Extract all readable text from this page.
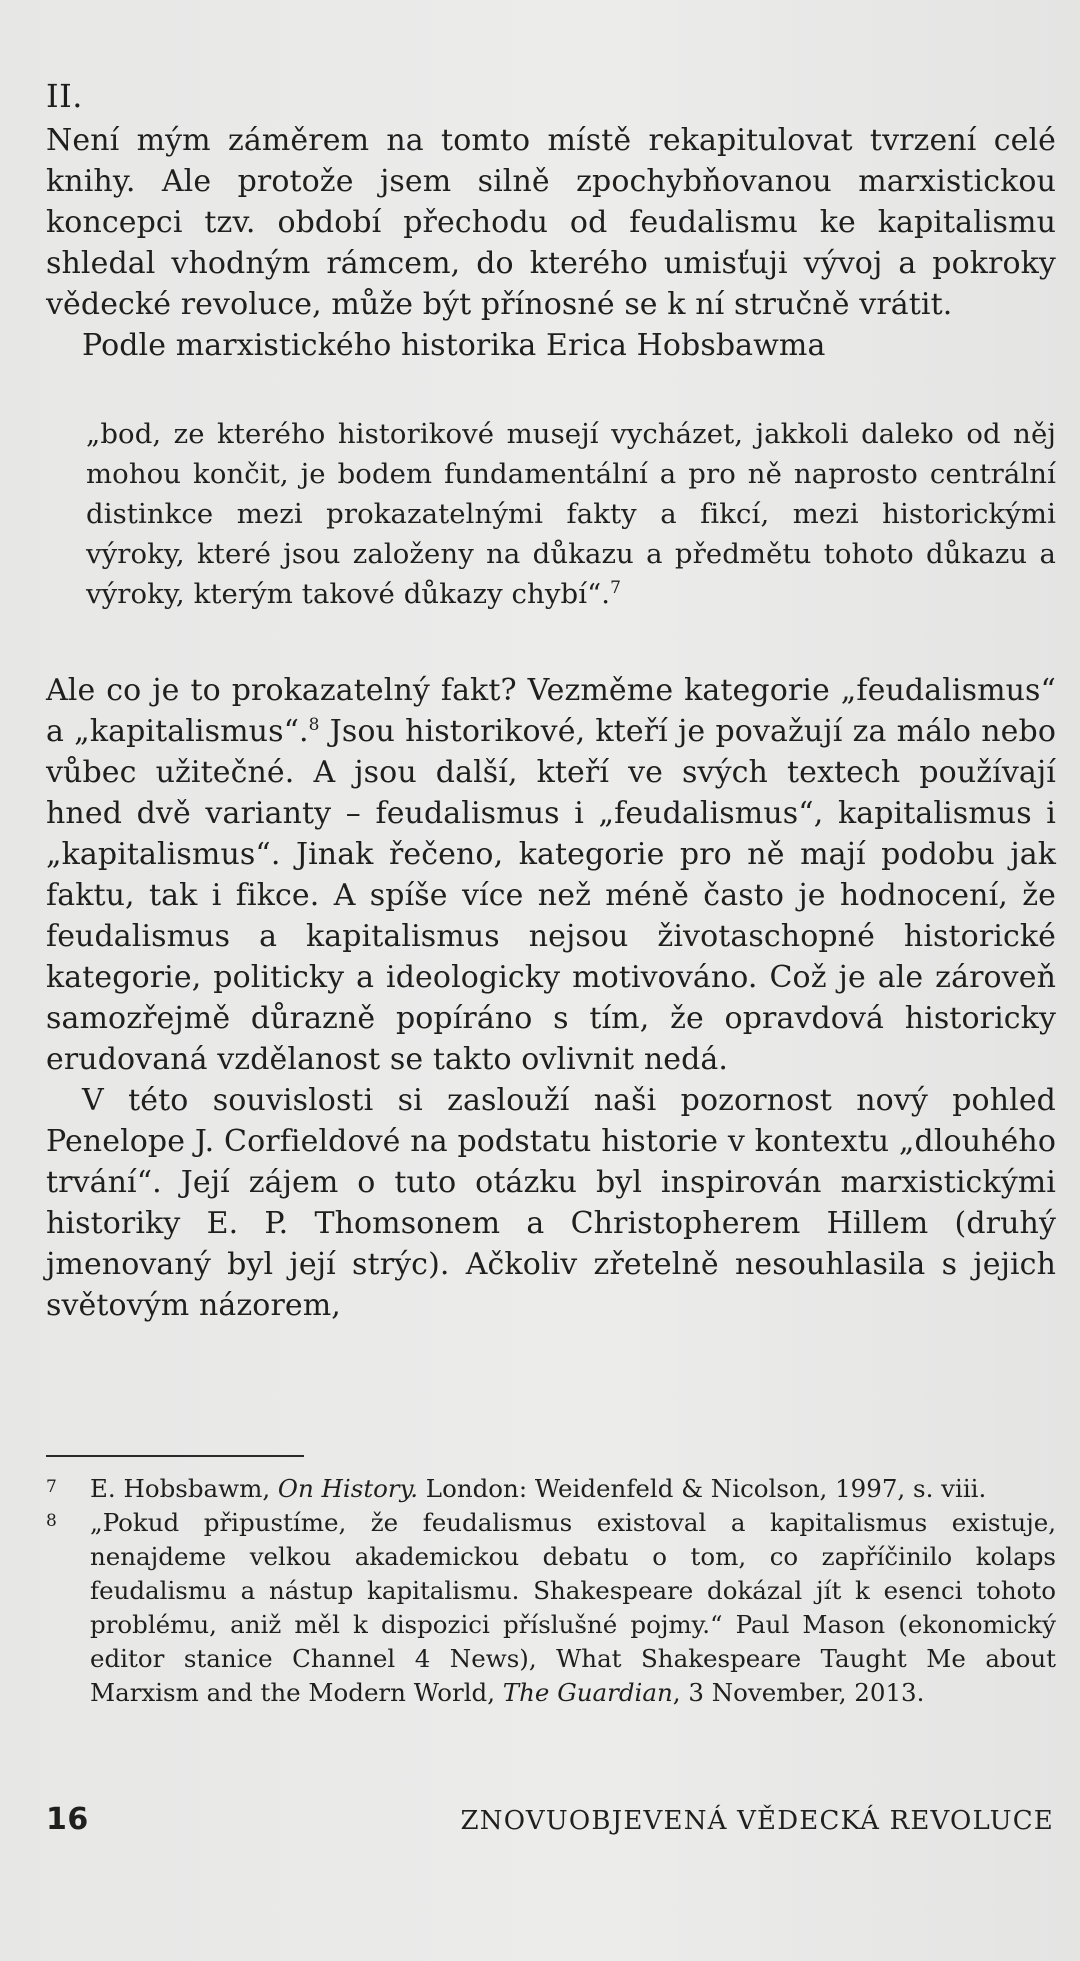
II.

Není mým záměrem na tomto místě rekapitulovat tvrzení celé knihy. Ale protože jsem silně zpochybňovanou marxistickou koncepci tzv. období přechodu od feudalismu ke kapitalismu shledal vhodným rámcem, do kterého umisťuji vývoj a pokroky vědecké revoluce, může být přínosné se k ní stručně vrátit.

Podle marxistického historika Erica Hobsbawma

„bod, ze kterého historikové musejí vycházet, jakkoli daleko od něj mohou končit, je bodem fundamentální a pro ně naprosto centrální distinkce mezi prokazatelnými fakty a fikcí, mezi historickými výroky, které jsou založeny na důkazu a předmětu tohoto důkazu a výroky, kterým takové důkazy chybí“.$^7$

Ale co je to prokazatelný fakt? Vezměme kategorie „feudalismus“ a „kapitalismus“.$^8$ Jsou historikové, kteří je považují za málo nebo vůbec užitečné. A jsou další, kteří ve svých textech používají hned dvě varianty – feudalismus i „feudalismus“, kapitalismus i „kapitalismus“. Jinak řečeno, kategorie pro ně mají podobu jak faktu, tak i fikce. A spíše více než méně často je hodnocení, že feudalismus a kapitalismus nejsou životaschopné historické kategorie, politicky a ideologicky motivováno. Což je ale zároveň samozřejmě důrazně popíráno s tím, že opravdová historicky erudovaná vzdělanost se takto ovlivnit nedá.

V této souvislosti si zaslouží naši pozornost nový pohled Penelope J. Corfieldové na podstatu historie v kontextu „dlouhého trvání“. Její zájem o tuto otázku byl inspirován marxistickými historiky E. P. Thomsonem a Christopherem Hillem (druhý jmenovaný byl její strýc). Ačkoliv zřetelně nesouhlasila s jejich světovým názorem,

7	E. Hobsbawm, On History. London: Weidenfeld & Nicolson, 1997, s. viii.
8	„Pokud připustíme, že feudalismus existoval a kapitalismus existuje, nenajdeme velkou akademickou debatu o tom, co zapříčinilo kolaps feudalismu a nástup kapitalismu. Shakespeare dokázal jít k esenci tohoto problému, aniž měl k dispozici příslušné pojmy.“ Paul Mason (ekonomický editor stanice Channel 4 News), What Shakespeare Taught Me about Marxism and the Modern World, The Guardian, 3 November, 2013.
16	ZNOVUOBJEVENÁ VĚDECKÁ REVOLUCE
